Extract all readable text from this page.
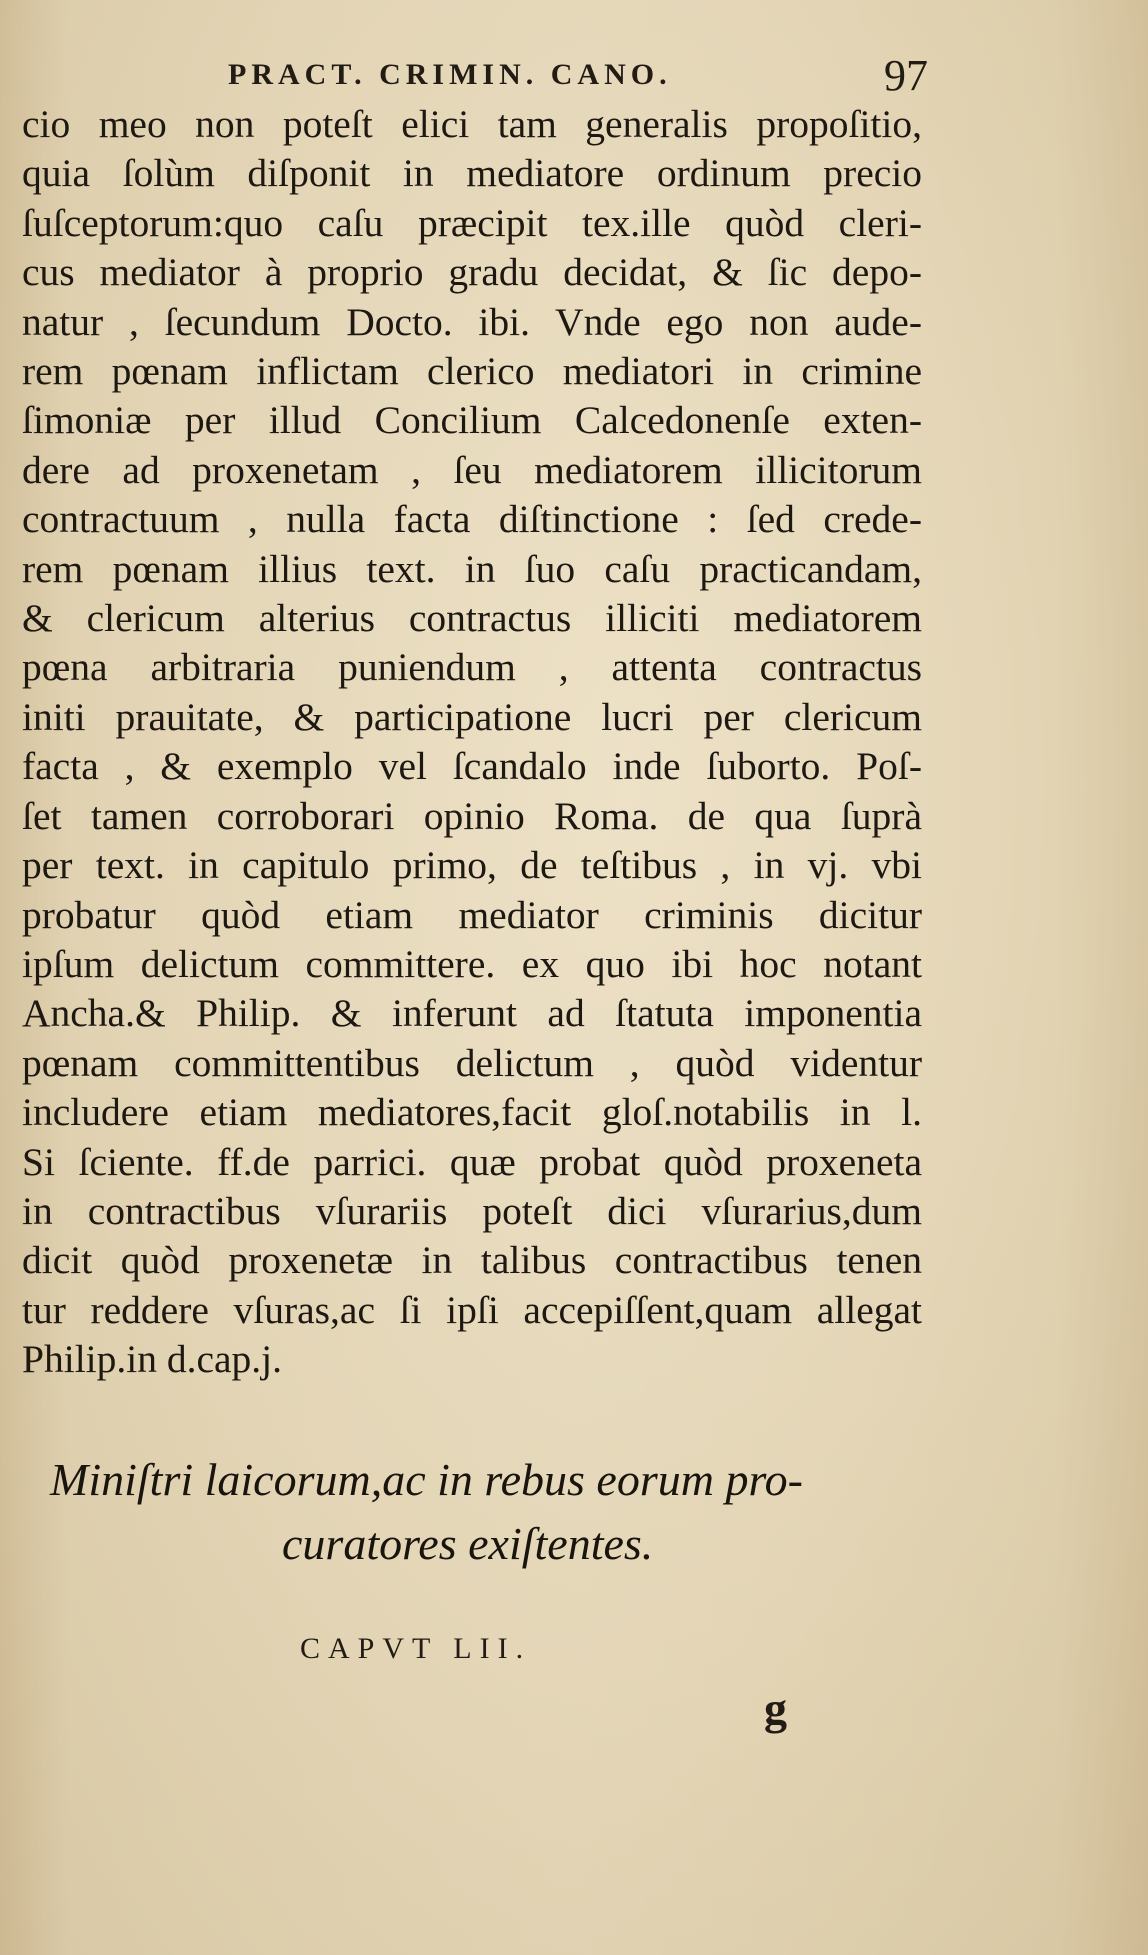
PRACT. CRIMIN. CANO.	97
cio meo non poteſt elici tam generalis propoſitio,
quia ſolùm diſponit in mediatore ordinum precio
ſuſceptorum:quo caſu præcipit tex.ille quòd cleri-
cus mediator à proprio gradu decidat, & ſic depo-
natur , ſecundum Docto. ibi. Vnde ego non aude-
rem pœnam inflictam clerico mediatori in crimine
ſimoniæ per illud Concilium Calcedonenſe exten-
dere ad proxenetam , ſeu mediatorem illicitorum
contractuum , nulla facta diſtinctione : ſed crede-
rem pœnam illius text. in ſuo caſu practicandam,
& clericum alterius contractus illiciti mediatorem
pœna arbitraria puniendum , attenta contractus
initi prauitate, & participatione lucri per clericum
facta , & exemplo vel ſcandalo inde ſuborto. Poſ-
ſet tamen corroborari opinio Roma. de qua ſuprà
per text. in capitulo primo, de teſtibus , in vj. vbi
probatur quòd etiam mediator criminis dicitur
ipſum delictum committere. ex quo ibi hoc notant
Ancha.& Philip. & inferunt ad ſtatuta imponentia
pœnam committentibus delictum , quòd videntur
includere etiam mediatores,facit gloſ.notabilis in l.
Si ſciente. ff.de parrici. quæ probat quòd proxeneta
in contractibus vſurariis poteſt dici vſurarius,dum
dicit quòd proxenetæ in talibus contractibus tenen
tur reddere vſuras,ac ſi ipſi accepiſſent,quam allegat
Philip.in d.cap.j.
Miniſtri laicorum,ac in rebus eorum pro-
curatores exiſtentes.
CAPVT LII.
g
